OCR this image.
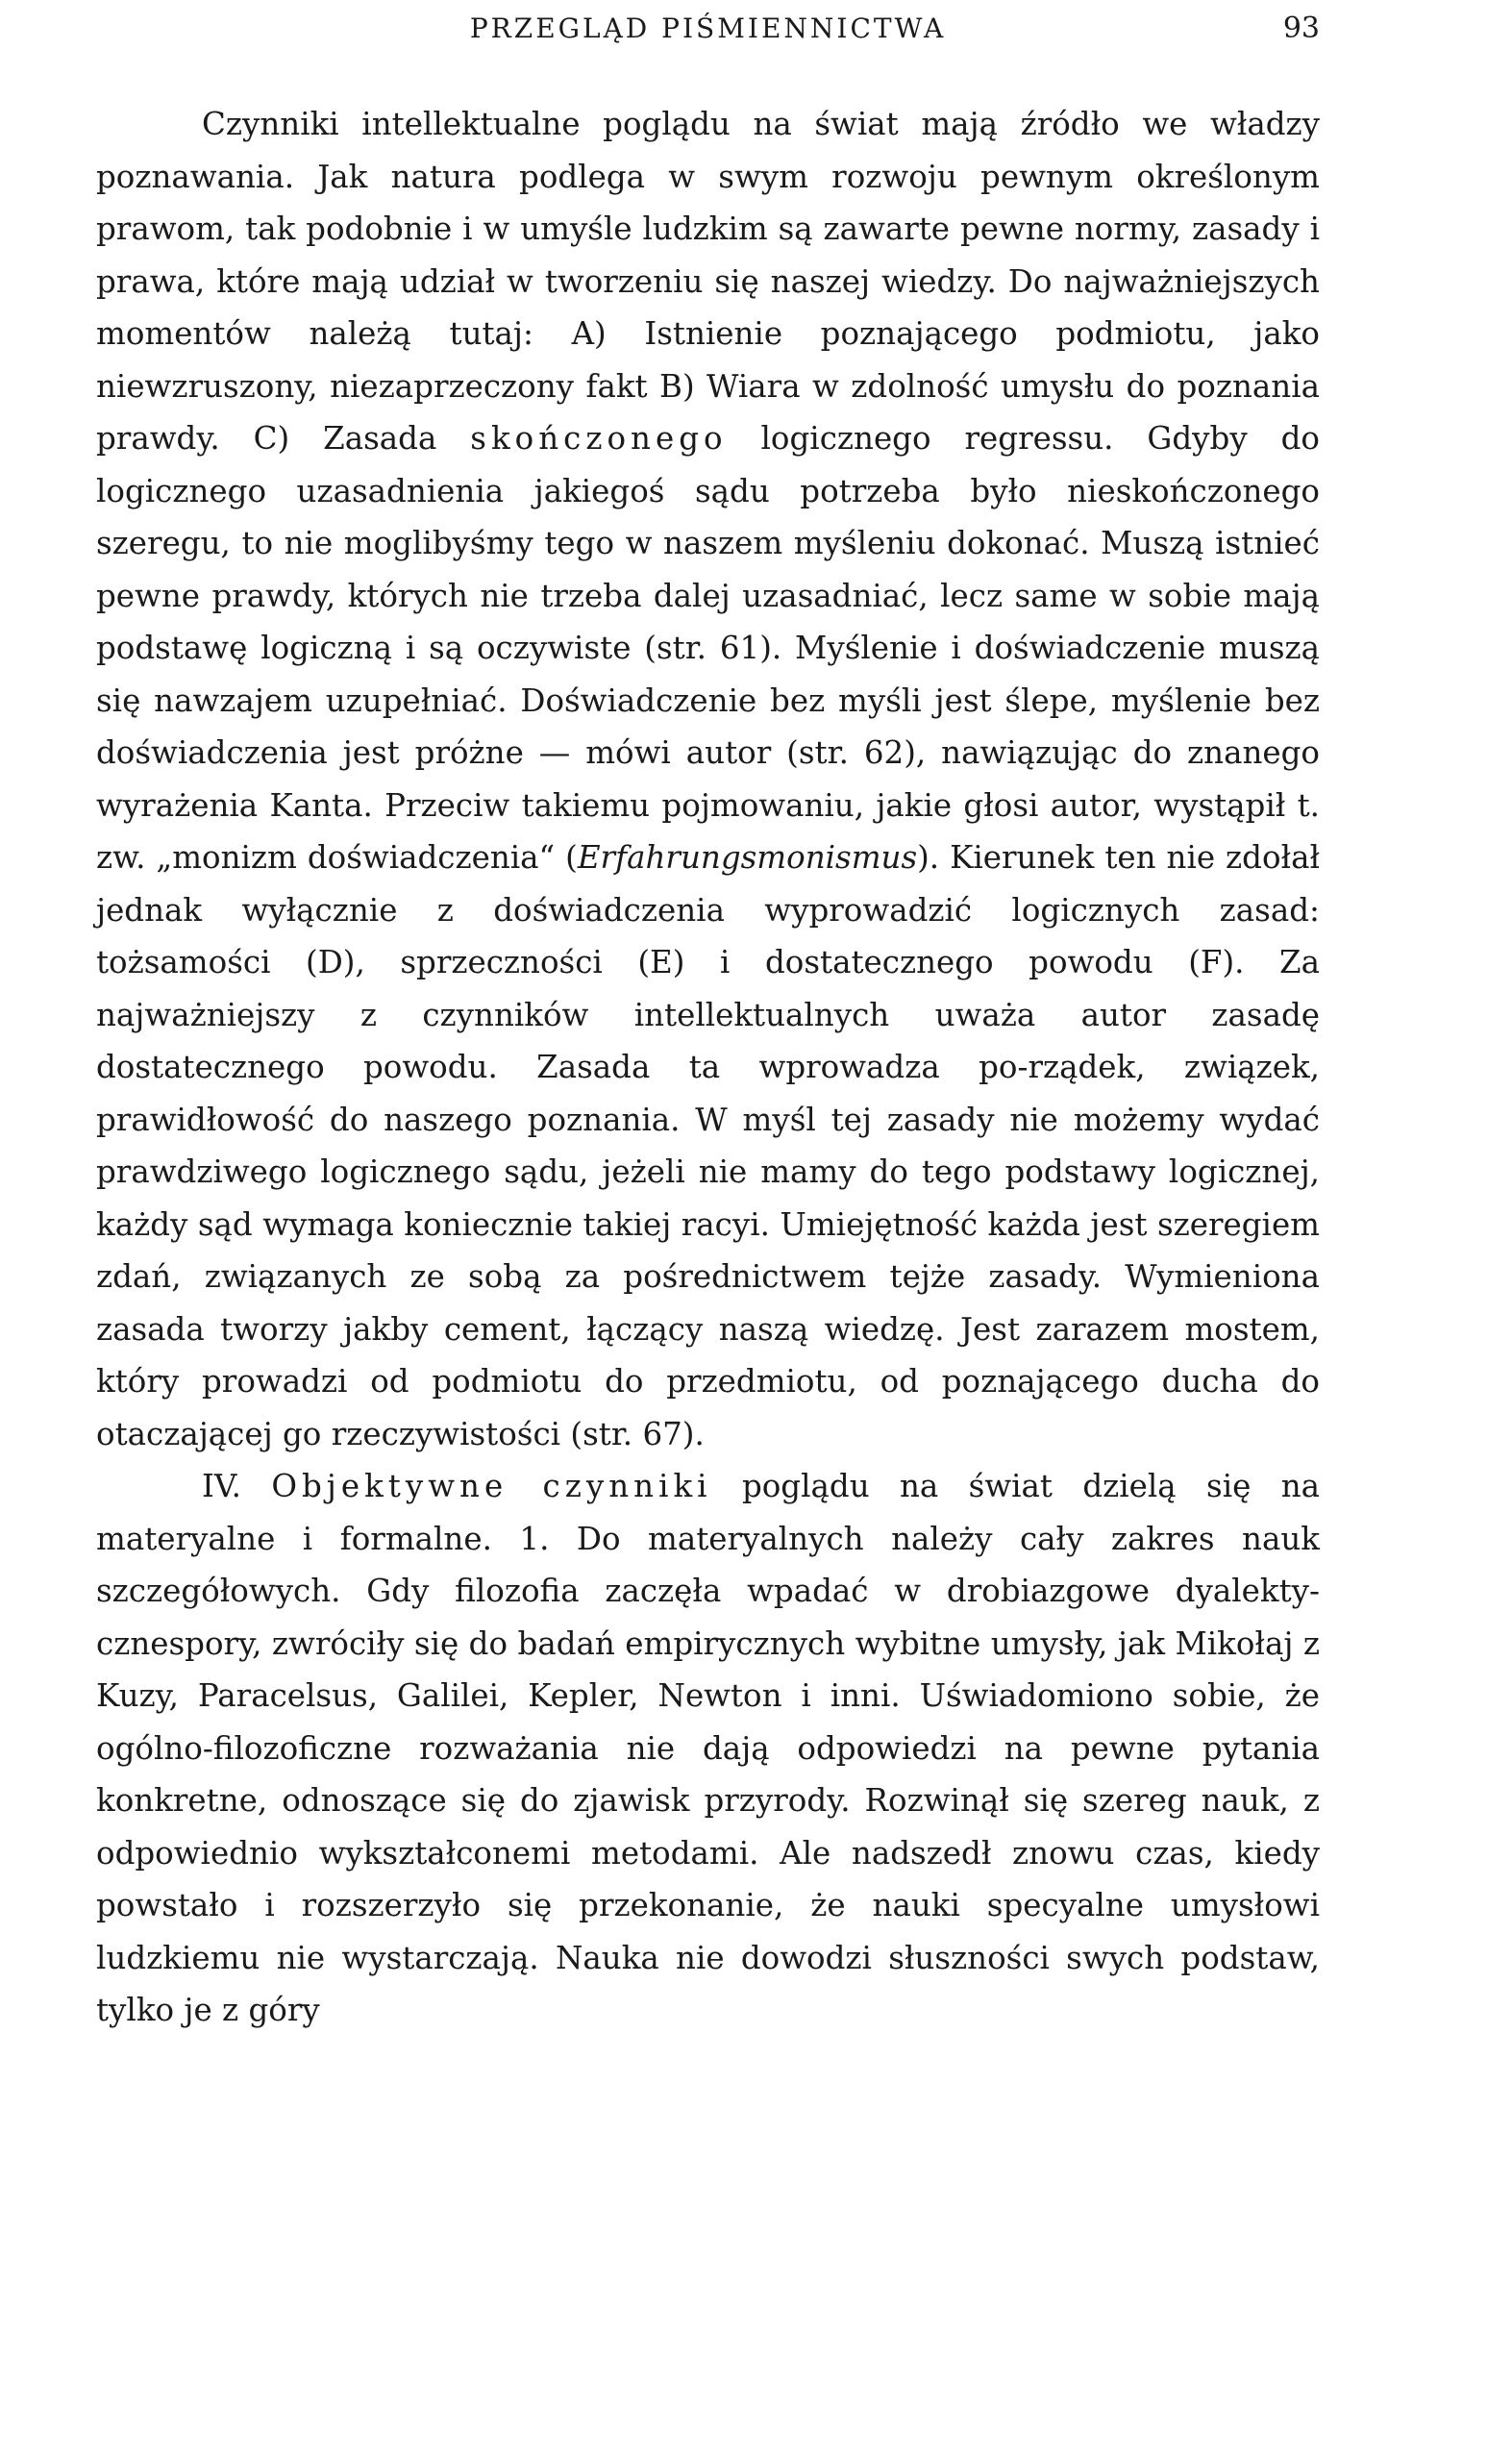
PRZEGLĄD PIŚMIENNICTWA	93

Czynniki intellektualne poglądu na świat mają źródło we władzy poznawania. Jak natura podlega w swym rozwoju pewnym określonym prawom, tak podobnie i w umyśle ludzkim są zawarte pewne normy, zasady i prawa, które mają udział w tworzeniu się naszej wiedzy. Do najważniejszych momentów należą tutaj: A) Istnienie poznającego podmiotu, jako niewzruszony, niezaprzeczony fakt B) Wiara w zdolność umysłu do poznania prawdy. C) Zasada skończonego logicznego regressu. Gdyby do logicznego uzasadnienia jakiegoś sądu potrzeba było nieskończonego szeregu, to nie moglibyśmy tego w naszem myśleniu dokonać. Muszą istnieć pewne prawdy, których nie trzeba dalej uzasadniać, lecz same w sobie mają podstawę logiczną i są oczywiste (str. 61). Myślenie i doświadczenie muszą się nawzajem uzupełniać. Doświadczenie bez myśli jest ślepe, myślenie bez doświadczenia jest próżne — mówi autor (str. 62), nawiązując do znanego wyrażenia Kanta. Przeciw takiemu pojmowaniu, jakie głosi autor, wystąpił t. zw. „monizm doświadczenia“ (Erfahrungsmonismus). Kierunek ten nie zdołał jednak wyłącznie z doświadczenia wyprowadzić logicznych zasad: tożsamości (D), sprzeczności (E) i dostatecznego powodu (F). Za najważniejszy z czynników intellektualnych uważa autor zasadę dostatecznego powodu. Zasada ta wprowadza po-rządek, związek, prawidłowość do naszego poznania. W myśl tej zasady nie możemy wydać prawdziwego logicznego sądu, jeżeli nie mamy do tego podstawy logicznej, każdy sąd wymaga koniecznie takiej racyi. Umiejętność każda jest szeregiem zdań, związanych ze sobą za pośrednictwem tejże zasady. Wymieniona zasada tworzy jakby cement, łączący naszą wiedzę. Jest zarazem mostem, który prowadzi od podmiotu do przedmiotu, od poznającego ducha do otaczającej go rzeczywistości (str. 67).

IV. Objektywne czynniki poglądu na świat dzielą się na materyalne i formalne. 1. Do materyalnych należy cały zakres nauk szczegółowych. Gdy filozofia zaczęła wpadać w drobiazgowe dyalektycznespory, zwróciły się do badań empirycznych wybitne umysły, jak Mikołaj z Kuzy, Paracelsus, Galilei, Kepler, Newton i inni. Uświadomiono sobie, że ogólno-filozoficzne rozważania nie dają odpowiedzi na pewne pytania konkretne, odnoszące się do zjawisk przyrody. Rozwinął się szereg nauk, z odpowiednio wykształconemi metodami. Ale nadszedł znowu czas, kiedy powstało i rozszerzyło się przekonanie, że nauki specyalne umysłowi ludzkiemu nie wystarczają. Nauka nie dowodzi słuszności swych podstaw, tylko je z góry
